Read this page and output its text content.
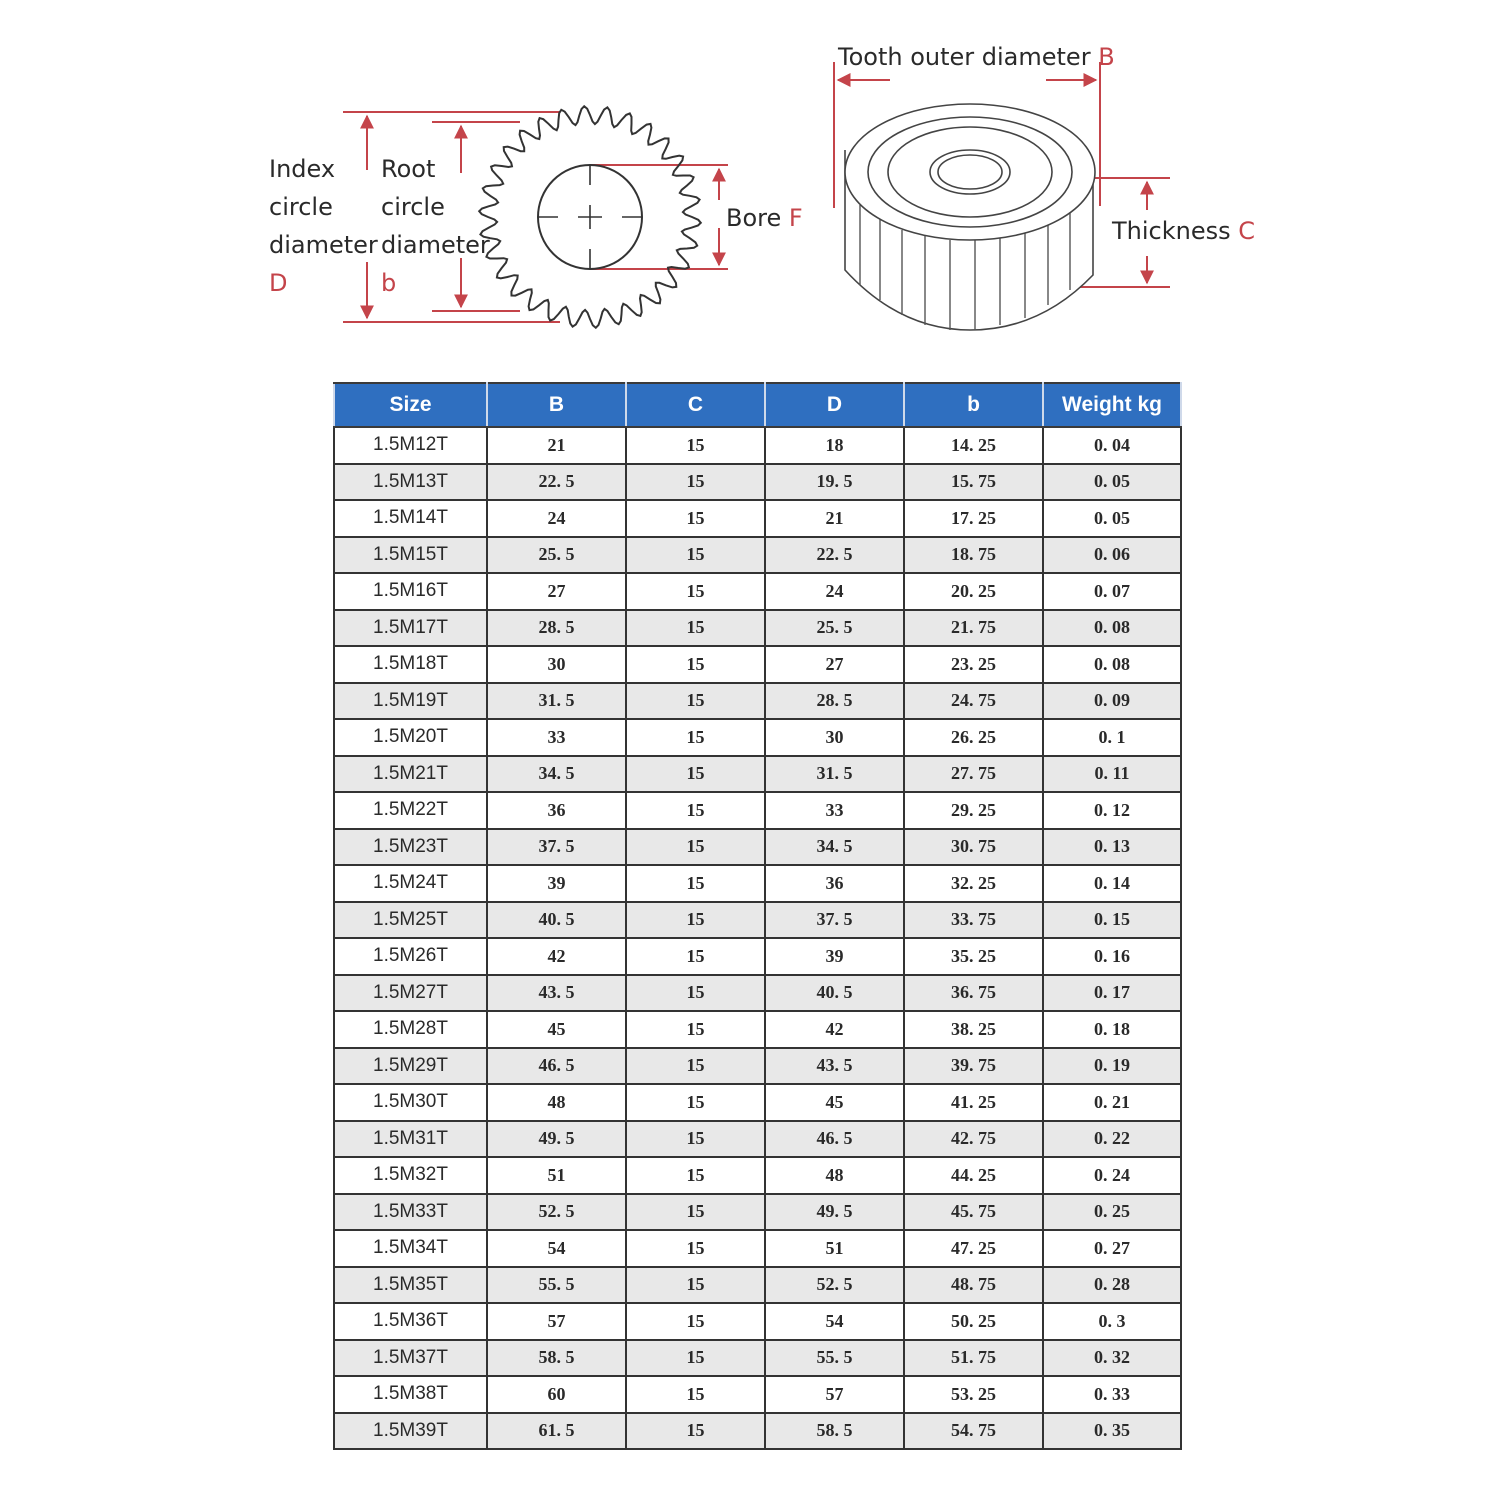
Index
circle
diameter
D
Root
circle
diameter
b
Bore F
Tooth outer diameter B
Thickness C
Size	B	C	D	b	Weight kg
1.5M12T	21	15	18	14. 25	0. 04
1.5M13T	22. 5	15	19. 5	15. 75	0. 05
1.5M14T	24	15	21	17. 25	0. 05
1.5M15T	25. 5	15	22. 5	18. 75	0. 06
1.5M16T	27	15	24	20. 25	0. 07
1.5M17T	28. 5	15	25. 5	21. 75	0. 08
1.5M18T	30	15	27	23. 25	0. 08
1.5M19T	31. 5	15	28. 5	24. 75	0. 09
1.5M20T	33	15	30	26. 25	0. 1
1.5M21T	34. 5	15	31. 5	27. 75	0. 11
1.5M22T	36	15	33	29. 25	0. 12
1.5M23T	37. 5	15	34. 5	30. 75	0. 13
1.5M24T	39	15	36	32. 25	0. 14
1.5M25T	40. 5	15	37. 5	33. 75	0. 15
1.5M26T	42	15	39	35. 25	0. 16
1.5M27T	43. 5	15	40. 5	36. 75	0. 17
1.5M28T	45	15	42	38. 25	0. 18
1.5M29T	46. 5	15	43. 5	39. 75	0. 19
1.5M30T	48	15	45	41. 25	0. 21
1.5M31T	49. 5	15	46. 5	42. 75	0. 22
1.5M32T	51	15	48	44. 25	0. 24
1.5M33T	52. 5	15	49. 5	45. 75	0. 25
1.5M34T	54	15	51	47. 25	0. 27
1.5M35T	55. 5	15	52. 5	48. 75	0. 28
1.5M36T	57	15	54	50. 25	0. 3
1.5M37T	58. 5	15	55. 5	51. 75	0. 32
1.5M38T	60	15	57	53. 25	0. 33
1.5M39T	61. 5	15	58. 5	54. 75	0. 35
